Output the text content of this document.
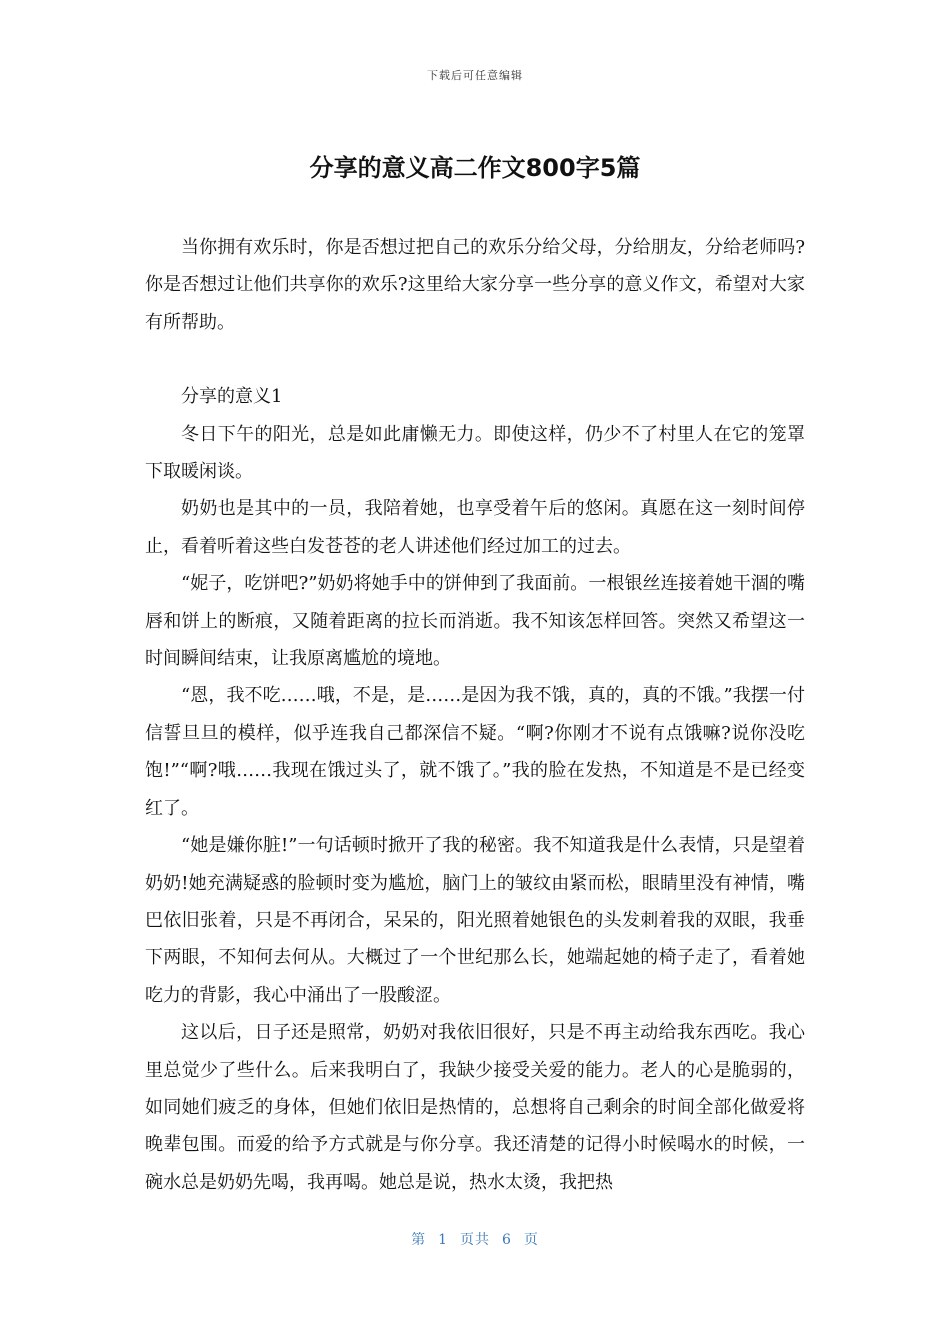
下载后可任意编辑
分享的意义高二作文800字5篇

当你拥有欢乐时，你是否想过把自己的欢乐分给父母，分给朋友，分给老师吗?你是否想过让他们共享你的欢乐?这里给大家分享一些分享的意义作文，希望对大家有所帮助。

分享的意义1

冬日下午的阳光，总是如此庸懒无力。即使这样，仍少不了村里人在它的笼罩下取暖闲谈。

奶奶也是其中的一员，我陪着她，也享受着午后的悠闲。真愿在这一刻时间停止，看着听着这些白发苍苍的老人讲述他们经过加工的过去。

“妮子，吃饼吧?”奶奶将她手中的饼伸到了我面前。一根银丝连接着她干涸的嘴唇和饼上的断痕，又随着距离的拉长而消逝。我不知该怎样回答。突然又希望这一时间瞬间结束，让我原离尴尬的境地。

“恩，我不吃……哦，不是，是……是因为我不饿，真的，真的不饿。”我摆一付信誓旦旦的模样，似乎连我自己都深信不疑。“啊?你刚才不说有点饿嘛?说你没吃饱!”“啊?哦……我现在饿过头了，就不饿了。”我的脸在发热，不知道是不是已经变红了。

“她是嫌你脏!”一句话顿时掀开了我的秘密。我不知道我是什么表情，只是望着奶奶!她充满疑惑的脸顿时变为尴尬，脑门上的皱纹由紧而松，眼睛里没有神情，嘴巴依旧张着，只是不再闭合，呆呆的，阳光照着她银色的头发刺着我的双眼，我垂下两眼，不知何去何从。大概过了一个世纪那么长，她端起她的椅子走了，看着她吃力的背影，我心中涌出了一股酸涩。

这以后，日子还是照常，奶奶对我依旧很好，只是不再主动给我东西吃。我心里总觉少了些什么。后来我明白了，我缺少接受关爱的能力。老人的心是脆弱的，如同她们疲乏的身体，但她们依旧是热情的，总想将自己剩余的时间全部化做爱将晚辈包围。而爱的给予方式就是与你分享。我还清楚的记得小时候喝水的时候，一碗水总是奶奶先喝，我再喝。她总是说，热水太烫，我把热

第 1 页共 6 页
